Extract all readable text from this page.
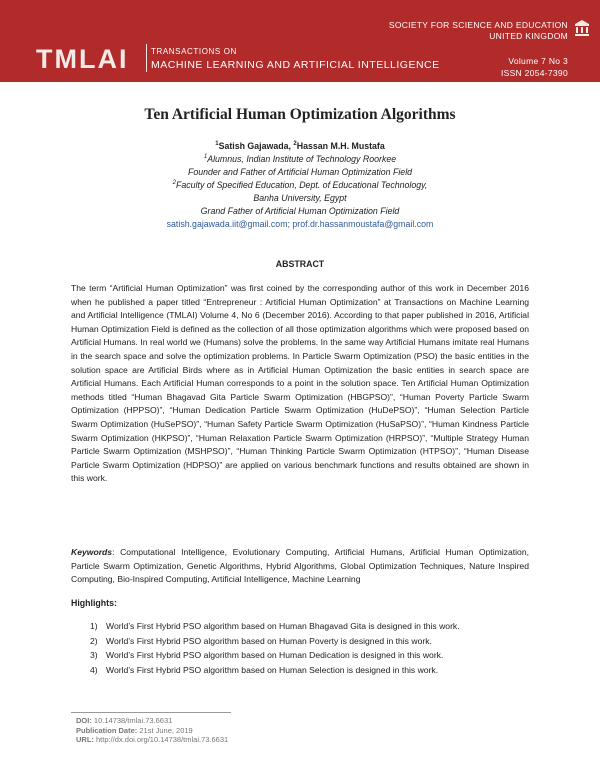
TMLAI	TRANSACTIONS ON
MACHINE LEARNING AND ARTIFICIAL INTELLIGENCE
SOCIETY FOR SCIENCE AND EDUCATION
UNITED KINGDOM
Volume 7 No 3
ISSN 2054-7390
Ten Artificial Human Optimization Algorithms
$^1$Satish Gajawada, $^2$Hassan M.H. Mustafa
$^1$Alumnus, Indian Institute of Technology Roorkee
Founder and Father of Artificial Human Optimization Field
$^2$Faculty of Specified Education, Dept. of Educational Technology,
Banha University, Egypt
Grand Father of Artificial Human Optimization Field
satish.gajawada.iit@gmail.com; prof.dr.hassanmoustafa@gmail.com
ABSTRACT
The term “Artificial Human Optimization” was first coined by the corresponding author of this work in December 2016 when he published a paper titled “Entrepreneur : Artificial Human Optimization” at Transactions on Machine Learning and Artificial Intelligence (TMLAI) Volume 4, No 6 (December 2016). According to that paper published in 2016, Artificial Human Optimization Field is defined as the collection of all those optimization algorithms which were proposed based on Artificial Humans. In real world we (Humans) solve the problems. In the same way Artificial Humans imitate real Humans in the search space and solve the optimization problems. In Particle Swarm Optimization (PSO) the basic entities in the solution space are Artificial Birds where as in Artificial Human Optimization the basic entities in search space are Artificial Humans. Each Artificial Human corresponds to a point in the solution space. Ten Artificial Human Optimization methods titled “Human Bhagavad Gita Particle Swarm Optimization (HBGPSO)”, “Human Poverty Particle Swarm Optimization (HPPSO)”, “Human Dedication Particle Swarm Optimization (HuDePSO)”, “Human Selection Particle Swarm Optimization (HuSePSO)”, “Human Safety Particle Swarm Optimization (HuSaPSO)”, “Human Kindness Particle Swarm Optimization (HKPSO)”, “Human Relaxation Particle Swarm Optimization (HRPSO)”, “Multiple Strategy Human Particle Swarm Optimization (MSHPSO)”, “Human Thinking Particle Swarm Optimization (HTPSO)”, “Human Disease Particle Swarm Optimization (HDPSO)” are applied on various benchmark functions and results obtained are shown in this work.
Keywords: Computational Intelligence, Evolutionary Computing, Artificial Humans, Artificial Human Optimization, Particle Swarm Optimization, Genetic Algorithms, Hybrid Algorithms, Global Optimization Techniques, Nature Inspired Computing, Bio-Inspired Computing, Artificial Intelligence, Machine Learning
Highlights:
1) World’s First Hybrid PSO algorithm based on Human Bhagavad Gita is designed in this work.
2) World’s First Hybrid PSO algorithm based on Human Poverty is designed in this work.
3) World’s First Hybrid PSO algorithm based on Human Dedication is designed in this work.
4) World’s First Hybrid PSO algorithm based on Human Selection is designed in this work.
DOI: 10.14738/tmlai.73.6631
Publication Date: 21st June, 2019
URL: http://dx.doi.org/10.14738/tmlai.73.6631
